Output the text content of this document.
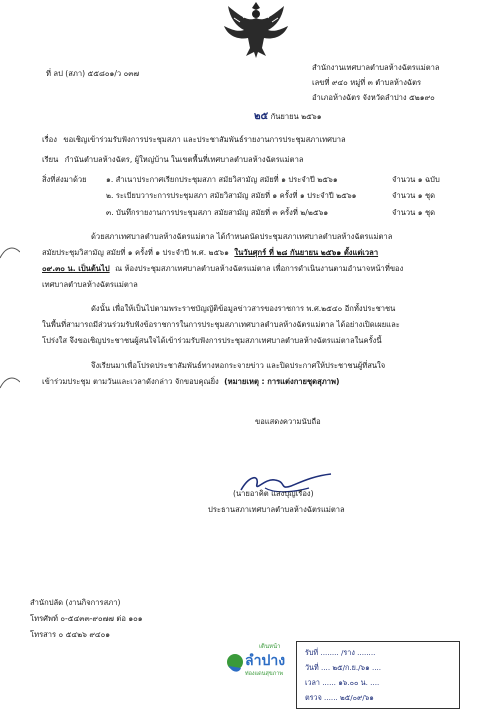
ที่ ลป (สภา) ๕๕๘๐๑/ว ๐๓๗
สำนักงานเทศบาลตำบลห้างฉัตรแม่ตาล
เลขที่ ๙๔๐ หมู่ที่ ๓ ตำบลห้างฉัตร
อำเภอห้างฉัตร จังหวัดลำปาง ๕๒๑๙๐
๒๕ กันยายน ๒๕๖๑
เรื่อง ขอเชิญเข้าร่วมรับฟังการประชุมสภา และประชาสัมพันธ์รายงานการประชุมสภาเทศบาล
เรียน กำนันตำบลห้างฉัตร, ผู้ใหญ่บ้าน ในเขตพื้นที่เทศบาลตำบลห้างฉัตรแม่ตาล
สิ่งที่ส่งมาด้วย	๑. สำเนาประกาศเรียกประชุมสภา สมัยวิสามัญ สมัยที่ ๑ ประจำปี ๒๕๖๑	จำนวน ๑ ฉบับ
๒. ระเบียบวาระการประชุมสภา สมัยวิสามัญ สมัยที่ ๑ ครั้งที่ ๑ ประจำปี ๒๕๖๑	จำนวน ๑ ชุด
๓. บันทึกรายงานการประชุมสภา สมัยสามัญ สมัยที่ ๓ ครั้งที่ ๒/๒๕๖๑	จำนวน ๑ ชุด
ด้วยสภาเทศบาลตำบลห้างฉัตรแม่ตาล ได้กำหนดนัดประชุมสภาเทศบาลตำบลห้างฉัตรแม่ตาล
สมัยประชุมวิสามัญ สมัยที่ ๑ ครั้งที่ ๑ ประจำปี พ.ศ. ๒๕๖๑ ในวันศุกร์ ที่ ๒๘ กันยายน ๒๕๖๑ ตั้งแต่เวลา
๐๙.๓๐ น. เป็นต้นไป ณ ห้องประชุมสภาเทศบาลตำบลห้างฉัตรแม่ตาล เพื่อการดำเนินงานตามอำนาจหน้าที่ของ
เทศบาลตำบลห้างฉัตรแม่ตาล
ดังนั้น เพื่อให้เป็นไปตามพระราชบัญญัติข้อมูลข่าวสารของราชการ พ.ศ.๒๕๔๐ อีกทั้งประชาชน
ในพื้นที่สามารถมีส่วนร่วมรับฟังข้อราชการในการประชุมสภาเทศบาลตำบลห้างฉัตรแม่ตาล ได้อย่างเปิดเผยและ
โปร่งใส จึงขอเชิญประชาชนผู้สนใจได้เข้าร่วมรับฟังการประชุมสภาเทศบาลตำบลห้างฉัตรแม่ตาลในครั้งนี้
จึงเรียนมาเพื่อโปรดประชาสัมพันธ์ทางหอกระจายข่าว และปิดประกาศให้ประชาชนผู้ที่สนใจ
เข้าร่วมประชุม ตามวันและเวลาดังกล่าว จักขอบคุณยิ่ง (หมายเหตุ : การแต่งกายชุดสุภาพ)
ขอแสดงความนับถือ
(นายอาคิต แสงบุญเรือง)
ประธานสภาเทศบาลตำบลห้างฉัตรแม่ตาล
สำนักปลัด (งานกิจการสภา)
โทรศัพท์ ๐-๕๔๓๓-๙๐๗๗ ต่อ ๑๐๑
โทรสาร ๐ ๕๔๒๖ ๙๔๐๑
เดินหน้า
ลำปาง
ท่องแดนสุขภาพ
รับที่ ........ /ราง ........
วันที่ .... ๒๕/ก.ย./๖๑ ....
เวลา ...... ๑๖.๐๐ น. ....
ตรวจ ...... ๒๕/๐๙/๖๑
